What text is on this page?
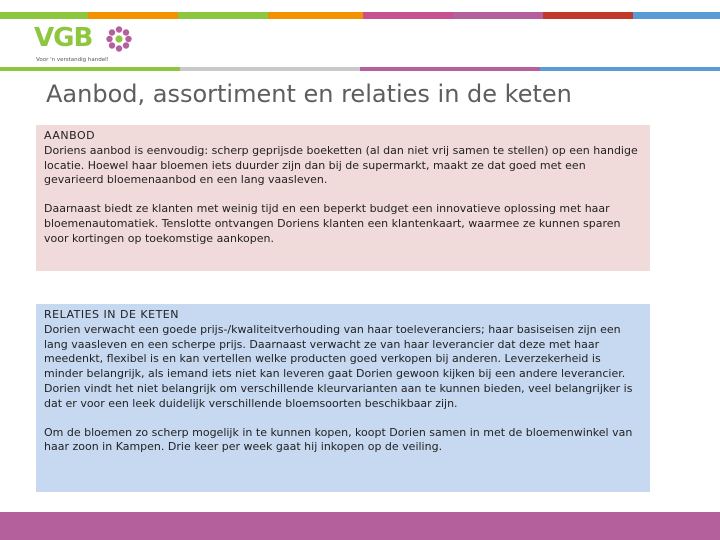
VGB
Voor 'n verstandig handel!
Aanbod, assortiment en relaties in de keten

AANBOD

Doriens aanbod is eenvoudig: scherp geprijsde boeketten (al dan niet vrij samen te stellen) op een handige locatie. Hoewel haar bloemen iets duurder zijn dan bij de supermarkt, maakt ze dat goed met een gevarieerd bloemenaanbod en een lang vaasleven.

Daarnaast biedt ze klanten met weinig tijd en een beperkt budget een innovatieve oplossing met haar bloemenautomatiek. Tenslotte ontvangen Doriens klanten een klantenkaart, waarmee ze kunnen sparen voor kortingen op toekomstige aankopen.

RELATIES IN DE KETEN

Dorien verwacht een goede prijs-/kwaliteitverhouding van haar toeleveranciers; haar basiseisen zijn een lang vaasleven en een scherpe prijs. Daarnaast verwacht ze van haar leverancier dat deze met haar meedenkt, flexibel is en kan vertellen welke producten goed verkopen bij anderen. Leverzekerheid is minder belangrijk, als iemand iets niet kan leveren gaat Dorien gewoon kijken bij een andere leverancier. Dorien vindt het niet belangrijk om verschillende kleurvarianten aan te kunnen bieden, veel belangrijker is dat er voor een leek duidelijk verschillende bloemsoorten beschikbaar zijn.

Om de bloemen zo scherp mogelijk in te kunnen kopen, koopt Dorien samen in met de bloemenwinkel van haar zoon in Kampen. Drie keer per week gaat hij inkopen op de veiling.
